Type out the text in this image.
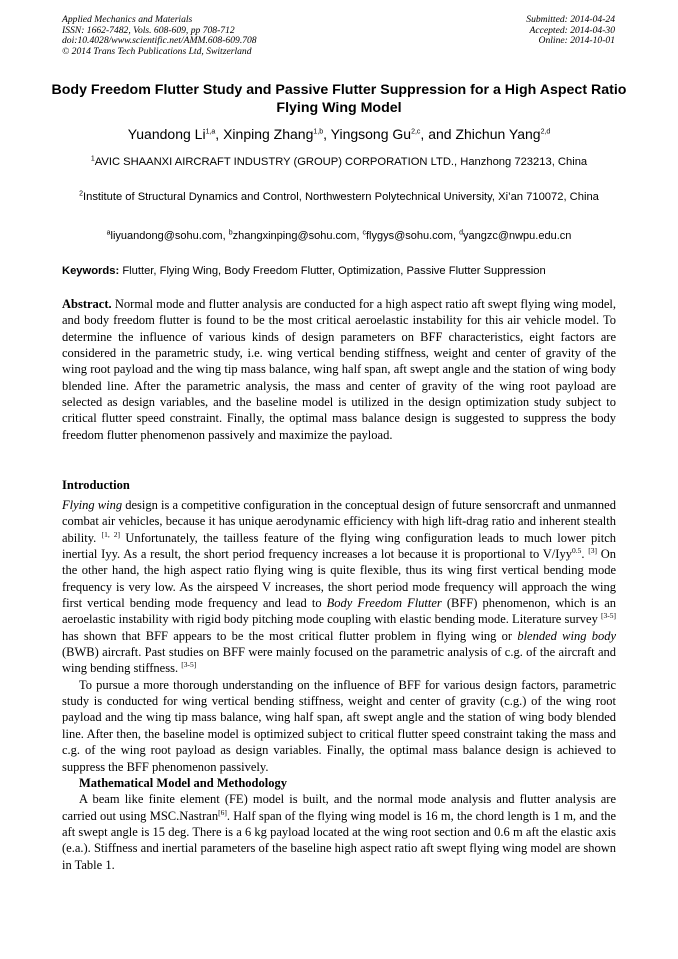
Applied Mechanics and Materials
ISSN: 1662-7482, Vols. 608-609, pp 708-712
doi:10.4028/www.scientific.net/AMM.608-609.708
© 2014 Trans Tech Publications Ltd, Switzerland
Submitted: 2014-04-24
Accepted: 2014-04-30
Online: 2014-10-01
Body Freedom Flutter Study and Passive Flutter Suppression for a High Aspect Ratio Flying Wing Model
Yuandong Li$^{1,a}$, Xinping Zhang$^{1,b}$, Yingsong Gu$^{2,c}$, and Zhichun Yang$^{2,d}$
$^1$AVIC SHAANXI AIRCRAFT INDUSTRY (GROUP) CORPORATION LTD., Hanzhong 723213, China
$^2$Institute of Structural Dynamics and Control, Northwestern Polytechnical University, Xi’an 710072, China
$^a$liyuandong@sohu.com, $^b$zhangxinping@sohu.com, $^c$flygys@sohu.com, $^d$yangzc@nwpu.edu.cn
Keywords: Flutter, Flying Wing, Body Freedom Flutter, Optimization, Passive Flutter Suppression
Abstract. Normal mode and flutter analysis are conducted for a high aspect ratio aft swept flying wing model, and body freedom flutter is found to be the most critical aeroelastic instability for this air vehicle model. To determine the influence of various kinds of design parameters on BFF characteristics, eight factors are considered in the parametric study, i.e. wing vertical bending stiffness, weight and center of gravity of the wing root payload and the wing tip mass balance, wing half span, aft swept angle and the station of wing body blended line. After the parametric analysis, the mass and center of gravity of the wing root payload are selected as design variables, and the baseline model is utilized in the design optimization study subject to critical flutter speed constraint. Finally, the optimal mass balance design is suggested to suppress the body freedom flutter phenomenon passively and maximize the payload.
Introduction

Flying wing design is a competitive configuration in the conceptual design of future sensorcraft and unmanned combat air vehicles, because it has unique aerodynamic efficiency with high lift-drag ratio and inherent stealth ability. [1, 2] Unfortunately, the tailless feature of the flying wing configuration leads to much lower pitch inertial Iyy. As a result, the short period frequency increases a lot because it is proportional to V/Iyy$^{0.5}$. [3] On the other hand, the high aspect ratio flying wing is quite flexible, thus its wing first vertical bending mode frequency is very low. As the airspeed V increases, the short period mode frequency will approach the wing first vertical bending mode frequency and lead to Body Freedom Flutter (BFF) phenomenon, which is an aeroelastic instability with rigid body pitching mode coupling with elastic bending mode. Literature survey [3-5] has shown that BFF appears to be the most critical flutter problem in flying wing or blended wing body (BWB) aircraft. Past studies on BFF were mainly focused on the parametric analysis of c.g. of the aircraft and wing bending stiffness. [3-5]

To pursue a more thorough understanding on the influence of BFF for various design factors, parametric study is conducted for wing vertical bending stiffness, weight and center of gravity (c.g.) of the wing root payload and the wing tip mass balance, wing half span, aft swept angle and the station of wing body blended line. After then, the baseline model is optimized subject to critical flutter speed constraint taking the mass and c.g. of the wing root payload as design variables. Finally, the optimal mass balance design is achieved to suppress the BFF phenomenon passively.

Mathematical Model and Methodology

A beam like finite element (FE) model is built, and the normal mode analysis and flutter analysis are carried out using MSC.Nastran[6]. Half span of the flying wing model is 16 m, the chord length is 1 m, and the aft swept angle is 15 deg. There is a 6 kg payload located at the wing root section and 0.6 m aft the elastic axis (e.a.). Stiffness and inertial parameters of the baseline high aspect ratio aft swept flying wing model are shown in Table 1.
